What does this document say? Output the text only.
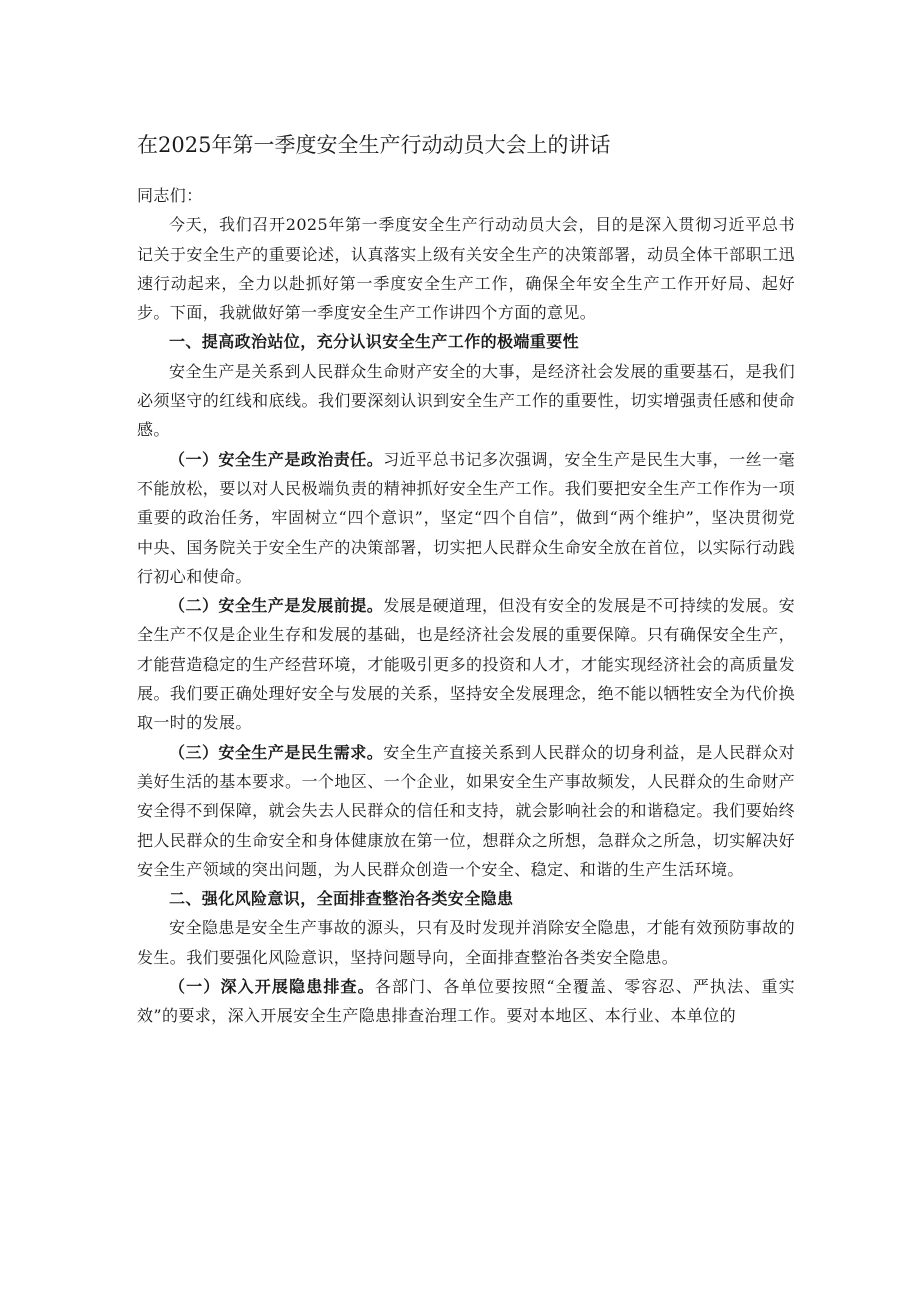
在2025年第一季度安全生产行动动员大会上的讲话

同志们：

今天，我们召开2025年第一季度安全生产行动动员大会，目的是深入贯彻习近平总书记关于安全生产的重要论述，认真落实上级有关安全生产的决策部署，动员全体干部职工迅速行动起来，全力以赴抓好第一季度安全生产工作，确保全年安全生产工作开好局、起好步。下面，我就做好第一季度安全生产工作讲四个方面的意见。

一、提高政治站位，充分认识安全生产工作的极端重要性

安全生产是关系到人民群众生命财产安全的大事，是经济社会发展的重要基石，是我们必须坚守的红线和底线。我们要深刻认识到安全生产工作的重要性，切实增强责任感和使命感。

（一）安全生产是政治责任。习近平总书记多次强调，安全生产是民生大事，一丝一毫不能放松，要以对人民极端负责的精神抓好安全生产工作。我们要把安全生产工作作为一项重要的政治任务，牢固树立“四个意识”，坚定“四个自信”，做到“两个维护”，坚决贯彻党中央、国务院关于安全生产的决策部署，切实把人民群众生命安全放在首位，以实际行动践行初心和使命。

（二）安全生产是发展前提。发展是硬道理，但没有安全的发展是不可持续的发展。安全生产不仅是企业生存和发展的基础，也是经济社会发展的重要保障。只有确保安全生产，才能营造稳定的生产经营环境，才能吸引更多的投资和人才，才能实现经济社会的高质量发展。我们要正确处理好安全与发展的关系，坚持安全发展理念，绝不能以牺牲安全为代价换取一时的发展。

（三）安全生产是民生需求。安全生产直接关系到人民群众的切身利益，是人民群众对美好生活的基本要求。一个地区、一个企业，如果安全生产事故频发，人民群众的生命财产安全得不到保障，就会失去人民群众的信任和支持，就会影响社会的和谐稳定。我们要始终把人民群众的生命安全和身体健康放在第一位，想群众之所想，急群众之所急，切实解决好安全生产领域的突出问题，为人民群众创造一个安全、稳定、和谐的生产生活环境。

二、强化风险意识，全面排查整治各类安全隐患

安全隐患是安全生产事故的源头，只有及时发现并消除安全隐患，才能有效预防事故的发生。我们要强化风险意识，坚持问题导向，全面排查整治各类安全隐患。

（一）深入开展隐患排查。各部门、各单位要按照“全覆盖、零容忍、严执法、重实效”的要求，深入开展安全生产隐患排查治理工作。要对本地区、本行业、本单位的
